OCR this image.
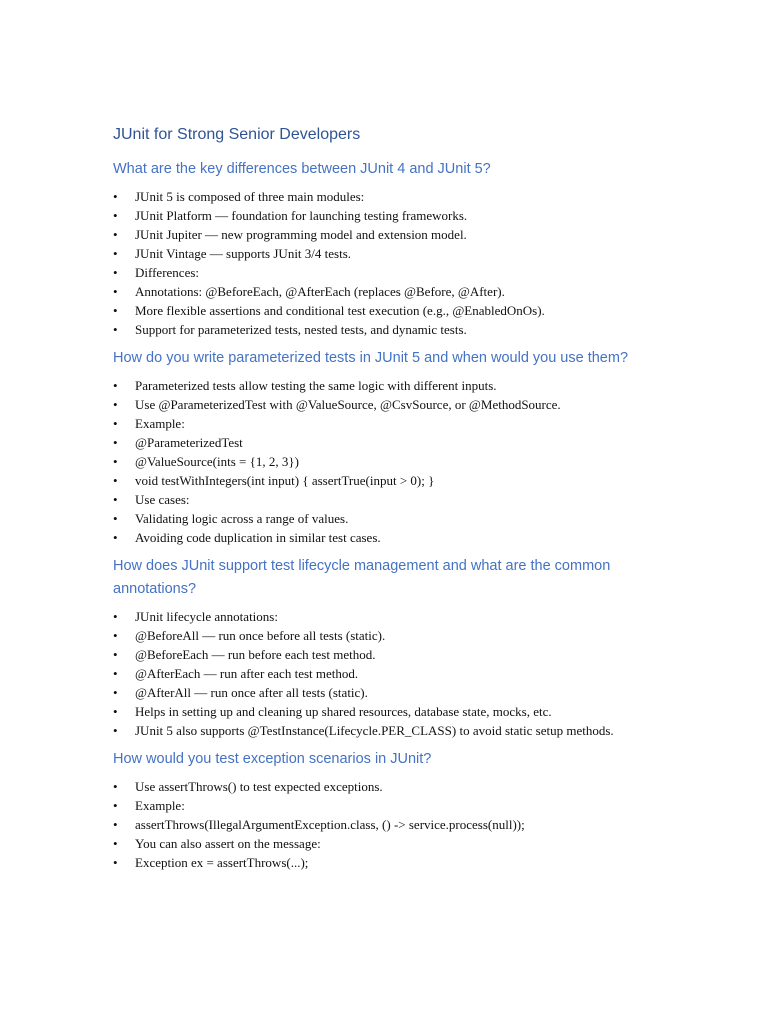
JUnit for Strong Senior Developers
What are the key differences between JUnit 4 and JUnit 5?
•	JUnit 5 is composed of three main modules:
•	JUnit Platform — foundation for launching testing frameworks.
•	JUnit Jupiter — new programming model and extension model.
•	JUnit Vintage — supports JUnit 3/4 tests.
•	Differences:
•	Annotations: @BeforeEach, @AfterEach (replaces @Before, @After).
•	More flexible assertions and conditional test execution (e.g., @EnabledOnOs).
•	Support for parameterized tests, nested tests, and dynamic tests.
How do you write parameterized tests in JUnit 5 and when would you use them?
•	Parameterized tests allow testing the same logic with different inputs.
•	Use @ParameterizedTest with @ValueSource, @CsvSource, or @MethodSource.
•	Example:
•	@ParameterizedTest
•	@ValueSource(ints = {1, 2, 3})
•	void testWithIntegers(int input) { assertTrue(input > 0); }
•	Use cases:
•	Validating logic across a range of values.
•	Avoiding code duplication in similar test cases.
How does JUnit support test lifecycle management and what are the common annotations?
•	JUnit lifecycle annotations:
•	@BeforeAll — run once before all tests (static).
•	@BeforeEach — run before each test method.
•	@AfterEach — run after each test method.
•	@AfterAll — run once after all tests (static).
•	Helps in setting up and cleaning up shared resources, database state, mocks, etc.
•	JUnit 5 also supports @TestInstance(Lifecycle.PER_CLASS) to avoid static setup methods.
How would you test exception scenarios in JUnit?
•	Use assertThrows() to test expected exceptions.
•	Example:
•	assertThrows(IllegalArgumentException.class, () -> service.process(null));
•	You can also assert on the message:
•	Exception ex = assertThrows(...);
